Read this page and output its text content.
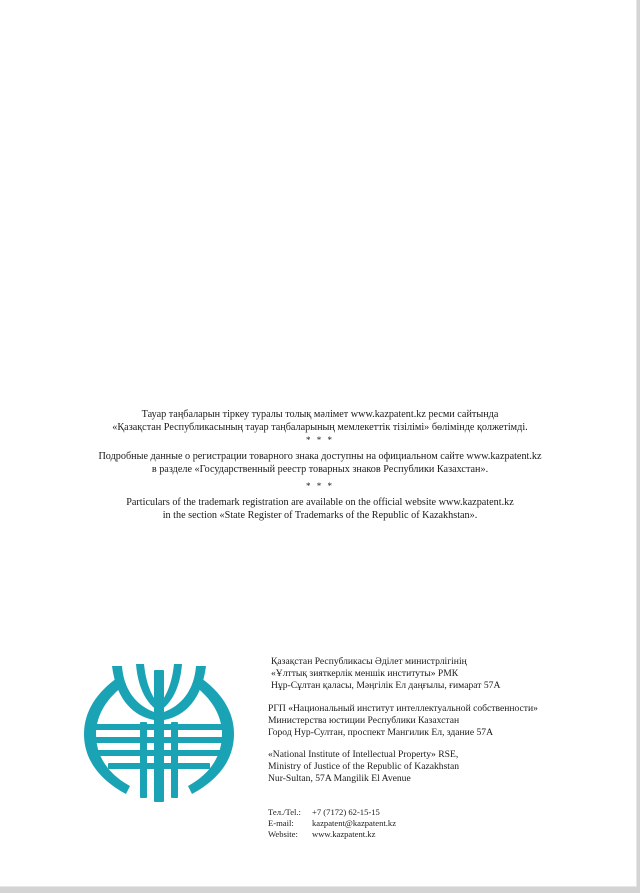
Тауар таңбаларын тіркеу туралы толық мәлімет www.kazpatent.kz ресми сайтында

«Қазақстан Республикасының тауар таңбаларының мемлекеттік тізілімі» бөлімінде қолжетімді.

* * *

Подробные данные о регистрации товарного знака доступны на официальном сайте www.kazpatent.kz

в разделе «Государственный реестр товарных знаков Республики Казахстан».

* * *

Particulars of the trademark registration are available on the official website www.kazpatent.kz

in the section «State Register of Trademarks of the Republic of Kazakhstan».

Қазақстан Республикасы Әділет министрлігінің

«Ұлттық зияткерлік меншік институты» РМК

Нұр-Сұлтан қаласы, Мәңгілік Ел даңғылы, ғимарат 57А

РГП «Национальный институт интеллектуальной собственности»

Министерства юстиции Республики Казахстан

Город Нур-Султан, проспект Мангилик Ел, здание 57А

«National Institute of Intellectual Property» RSE,

Ministry of Justice of the Republic of Kazakhstan

Nur-Sultan, 57A Mangilik El Avenue

Тел./Tel.:	+7 (7172) 62-15-15
E-mail:	kazpatent@kazpatent.kz
Website:	www.kazpatent.kz
